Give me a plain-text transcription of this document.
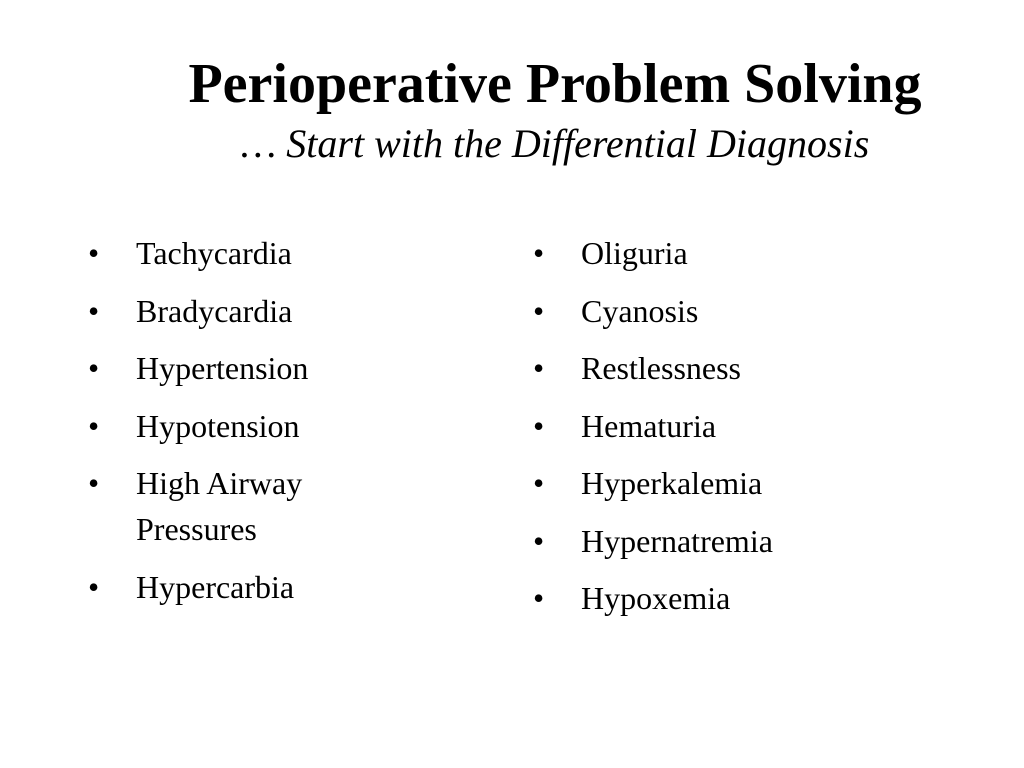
Perioperative Problem Solving

… Start with the Differential Diagnosis

• Tachycardia
• Bradycardia
• Hypertension
• Hypotension
• High Airway Pressures
• Hypercarbia
• Oliguria
• Cyanosis
• Restlessness
• Hematuria
• Hyperkalemia
• Hypernatremia
• Hypoxemia
